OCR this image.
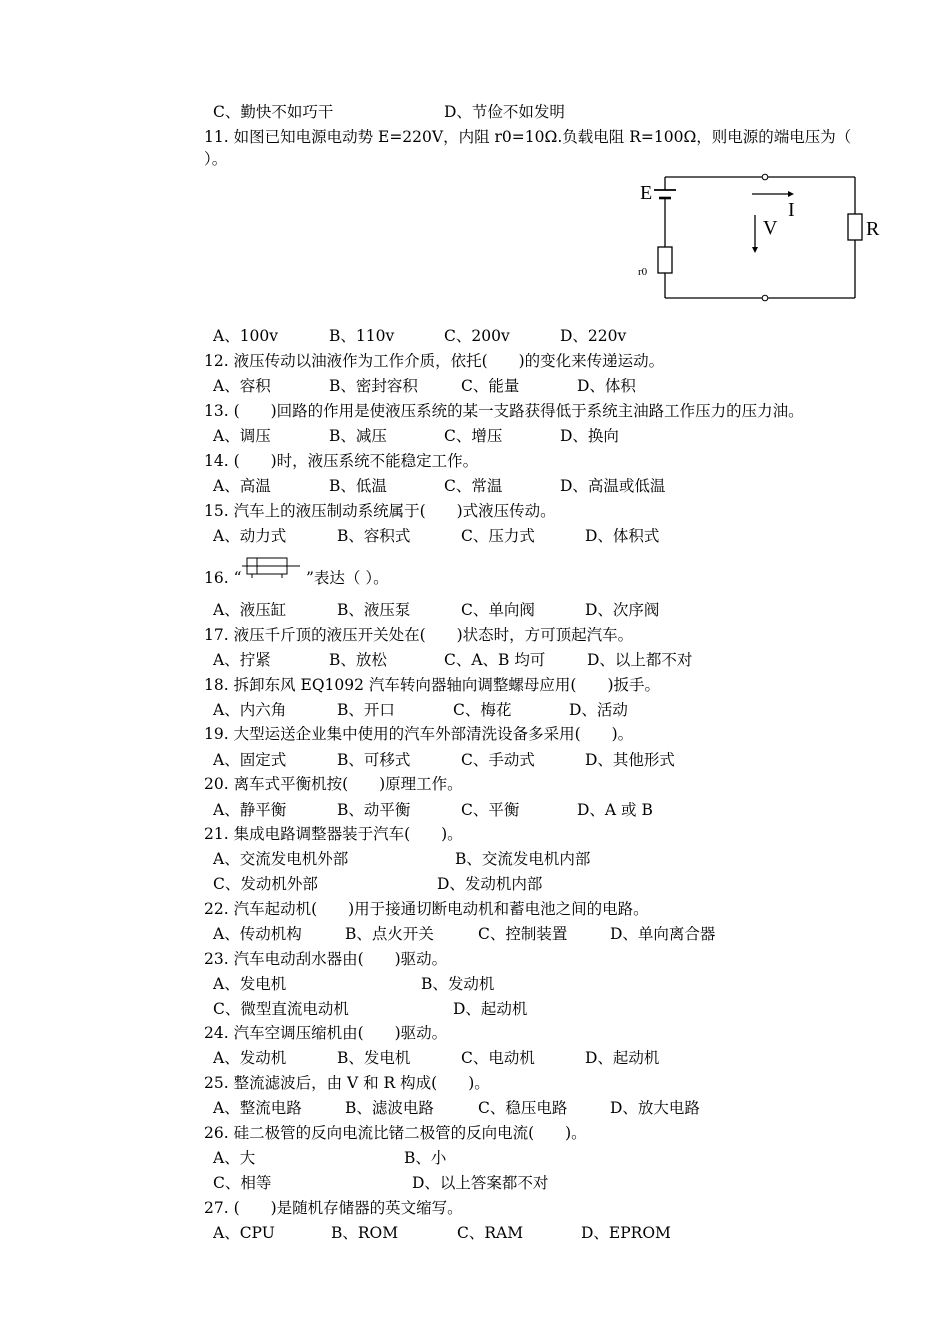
C、勤快不如巧干	D、节俭不如发明
11. 如图已知电源电动势 E=220V，内阻 r0=10Ω.负载电阻 R=100Ω，则电源的端电压为（ ）。
E
I
V	R
r0
A、100v	B、110v	C、200v	D、220v
12. 液压传动以油液作为工作介质，依托(　　)的变化来传递运动。
A、容积	B、密封容积	C、能量	D、体积
13. (　　)回路的作用是使液压系统的某一支路获得低于系统主油路工作压力的压力油。
A、调压	B、减压	C、增压	D、换向
14. (　　)时，液压系统不能稳定工作。
A、高温	B、低温	C、常温	D、高温或低温
15. 汽车上的液压制动系统属于(　　)式液压传动。
A、动力式	B、容积式	C、压力式	D、体积式
16. “	”表达（ ）。
A、液压缸	B、液压泵	C、单向阀	D、次序阀
17. 液压千斤顶的液压开关处在(　　)状态时，方可顶起汽车。
A、拧紧	B、放松	C、A、B 均可	D、以上都不对
18. 拆卸东风 EQ1092 汽车转向器轴向调整螺母应用(　　)扳手。
A、内六角	B、开口	C、梅花	D、活动
19. 大型运送企业集中使用的汽车外部清洗设备多采用(　　)。
A、固定式	B、可移式	C、手动式	D、其他形式
20. 离车式平衡机按(　　)原理工作。
A、静平衡	B、动平衡	C、平衡	D、A 或 B
21. 集成电路调整器装于汽车(　　)。
A、交流发电机外部	B、交流发电机内部
C、发动机外部	D、发动机内部
22. 汽车起动机(　　)用于接通切断电动机和蓄电池之间的电路。
A、传动机构	B、点火开关	C、控制装置	D、单向离合器
23. 汽车电动刮水器由(　　)驱动。
A、发电机	B、发动机
C、微型直流电动机	D、起动机
24. 汽车空调压缩机由(　　)驱动。
A、发动机	B、发电机	C、电动机	D、起动机
25. 整流滤波后，由 V 和 R 构成(　　)。
A、整流电路	B、滤波电路	C、稳压电路	D、放大电路
26. 硅二极管的反向电流比锗二极管的反向电流(　　)。
A、大	B、小
C、相等	D、以上答案都不对
27. (　　)是随机存储器的英文缩写。
A、CPU	B、ROM	C、RAM	D、EPROM
